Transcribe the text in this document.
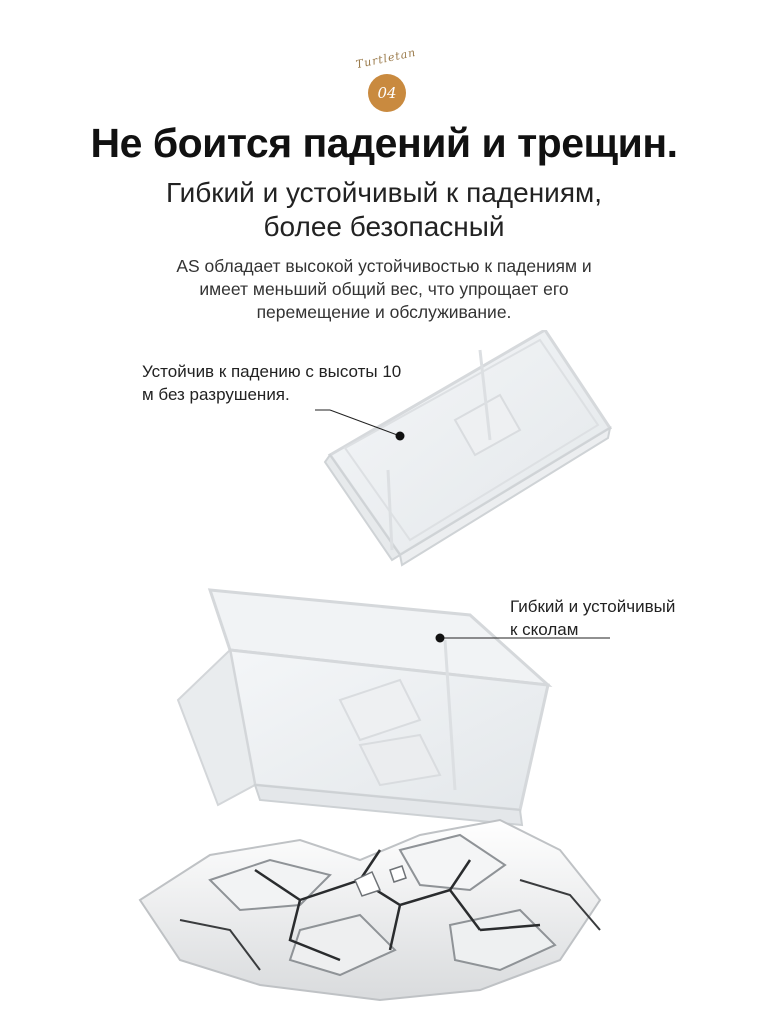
Turtletan
04
Не боится падений и трещин.
Гибкий и устойчивый к падениям,
более безопасный
AS обладает высокой устойчивостью к падениям и
имеет меньший общий вес, что упрощает его
перемещение и обслуживание.
Устойчив к падению с высоты 10
м без разрушения.
Гибкий и устойчивый
к сколам
